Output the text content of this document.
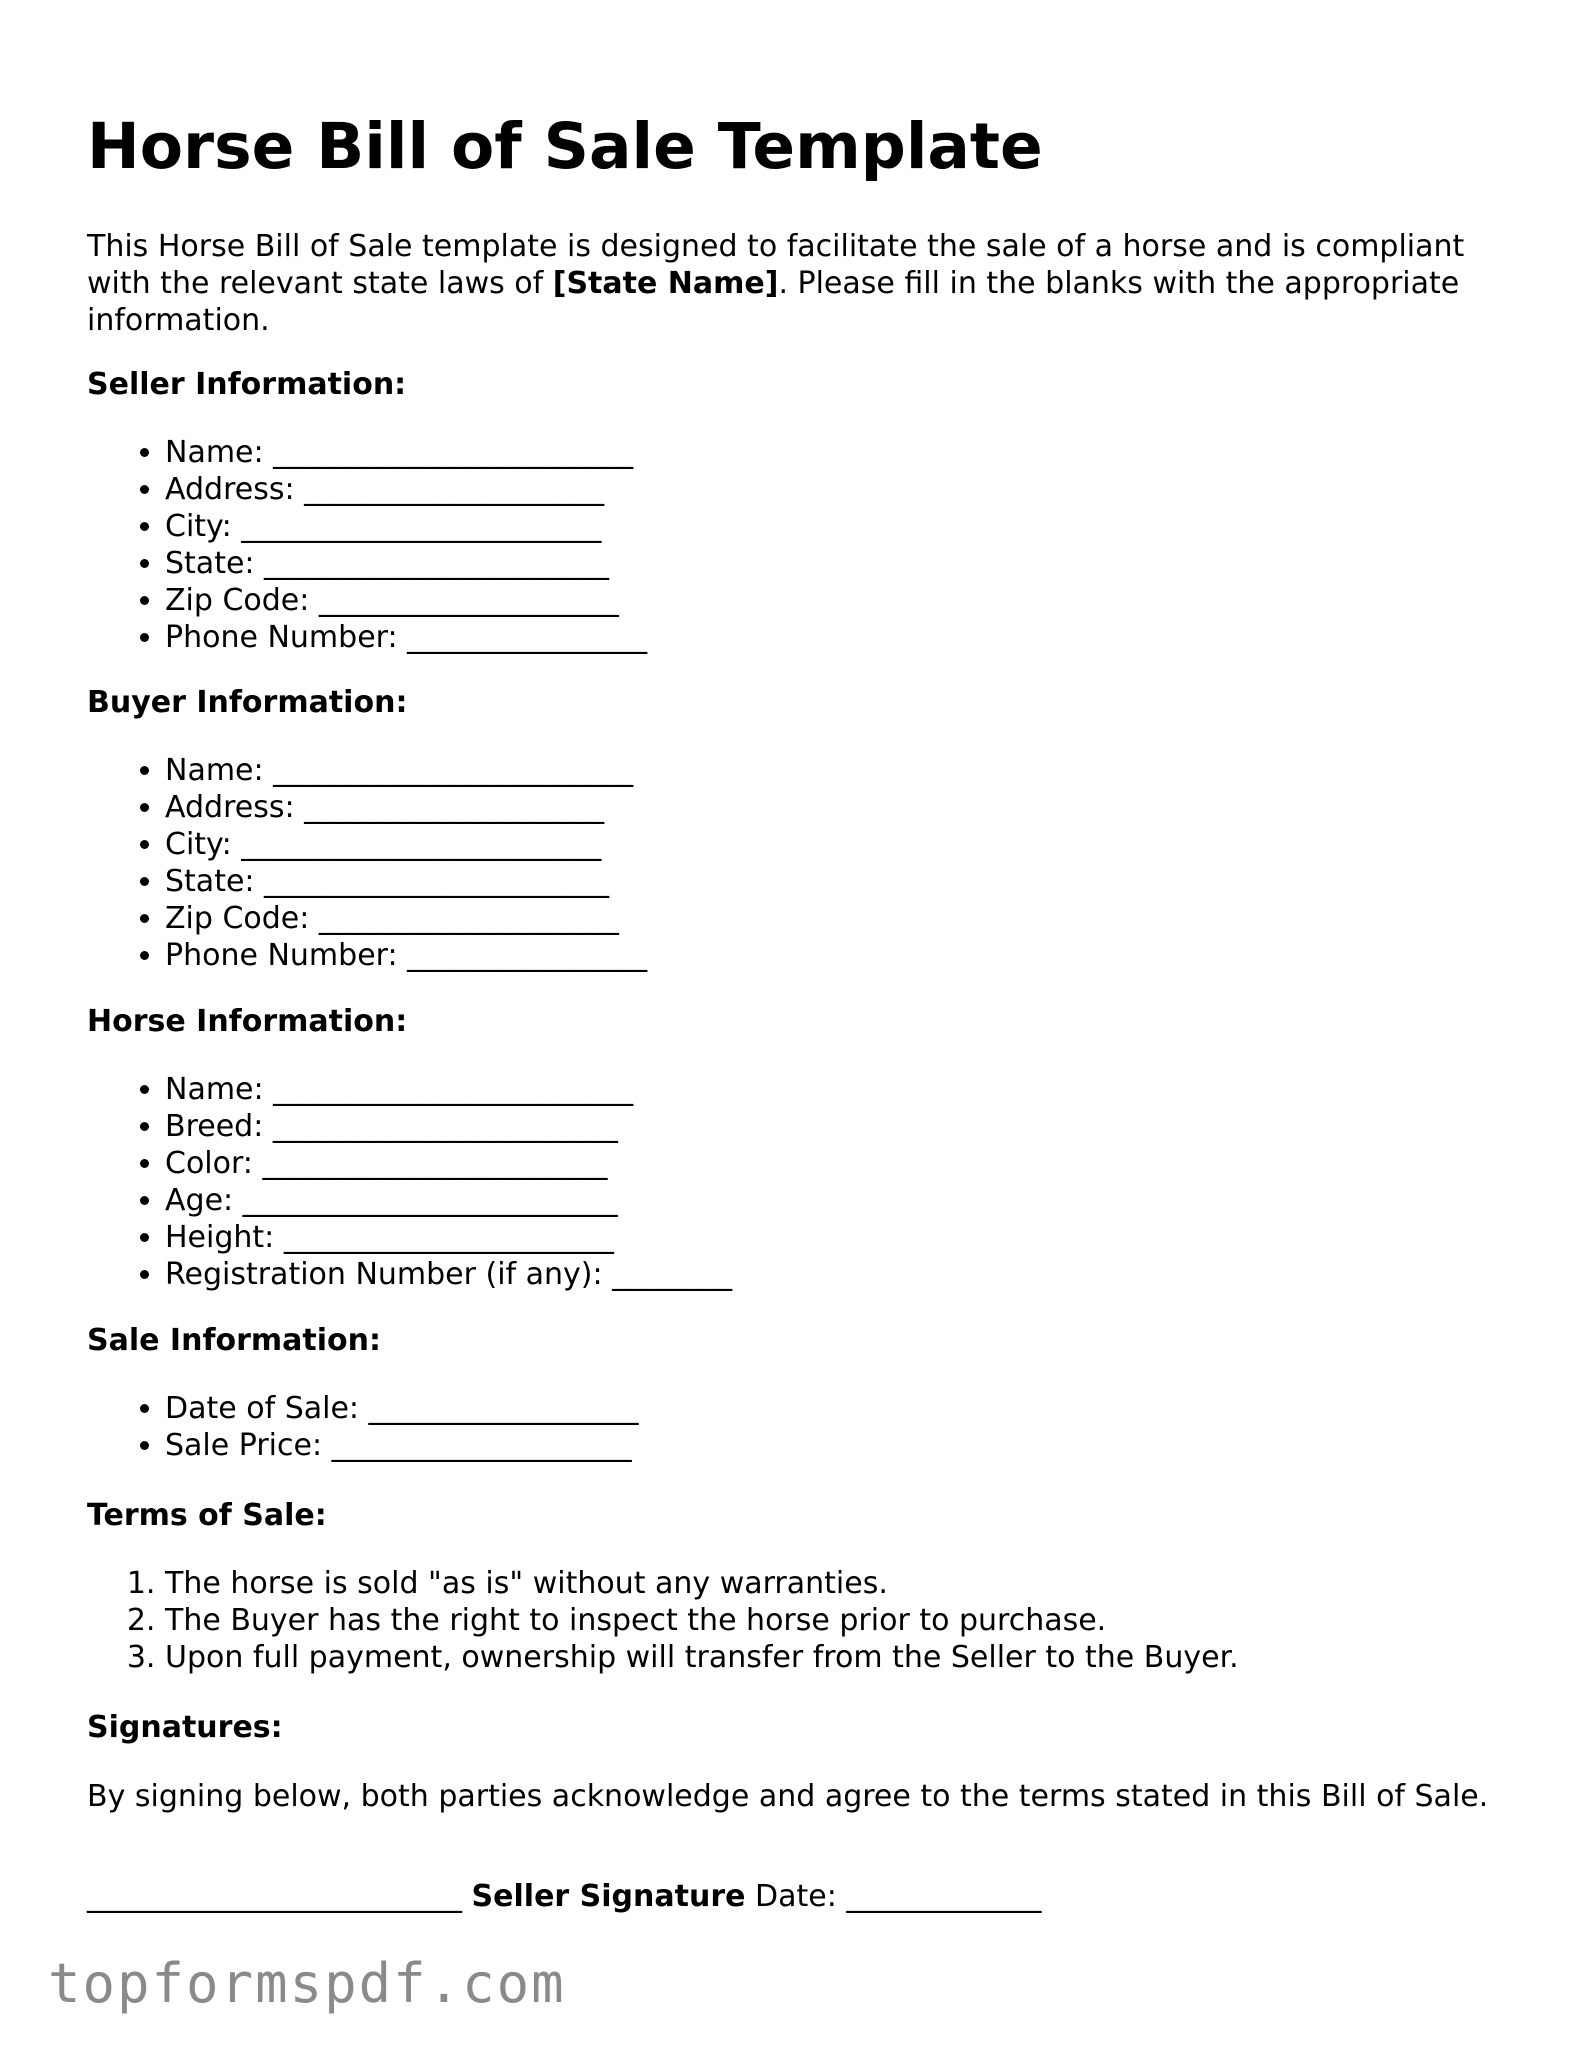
Horse Bill of Sale Template

This Horse Bill of Sale template is designed to facilitate the sale of a horse and is compliant with the relevant state laws of [State Name]. Please fill in the blanks with the appropriate information.

Seller Information:
• Name: ________________________
• Address: ____________________
• City: ________________________
• State: _______________________
• Zip Code: ____________________
• Phone Number: ________________
Buyer Information:
• Name: ________________________
• Address: ____________________
• City: ________________________
• State: _______________________
• Zip Code: ____________________
• Phone Number: ________________
Horse Information:
• Name: ________________________
• Breed: _______________________
• Color: _______________________
• Age: _________________________
• Height: ______________________
• Registration Number (if any): ________
Sale Information:
• Date of Sale: __________________
• Sale Price: ____________________
Terms of Sale:
1. The horse is sold "as is" without any warranties.
2. The Buyer has the right to inspect the horse prior to purchase.
3. Upon full payment, ownership will transfer from the Seller to the Buyer.
Signatures:

By signing below, both parties acknowledge and agree to the terms stated in this Bill of Sale.

_________________________ Seller Signature Date: _____________

topformspdf.com
